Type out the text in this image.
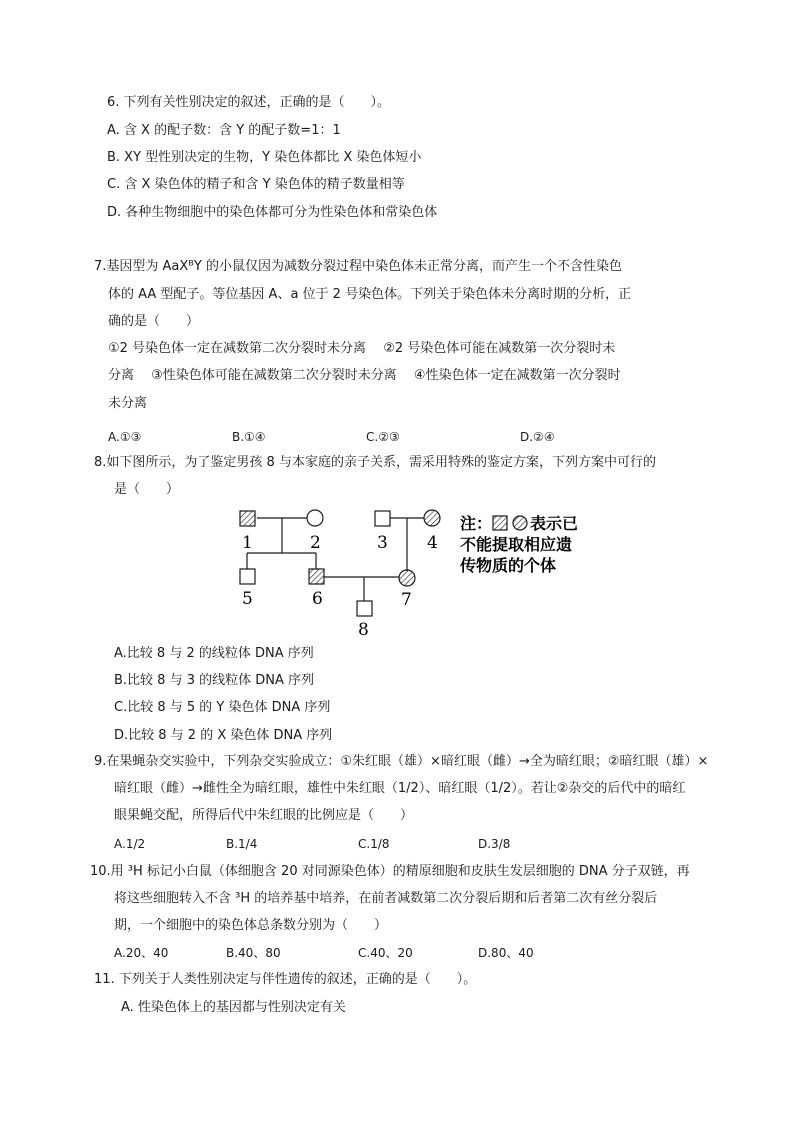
6. 下列有关性别决定的叙述，正确的是（　　）。
A. 含 X 的配子数：含 Y 的配子数=1：1
B. XY 型性别决定的生物，Y 染色体都比 X 染色体短小
C. 含 X 染色体的精子和含 Y 染色体的精子数量相等
D. 各种生物细胞中的染色体都可分为性染色体和常染色体
7.基因型为 AaXᴮY 的小鼠仅因为减数分裂过程中染色体未正常分离，而产生一个不含性染色
体的 AA 型配子。等位基因 A、a 位于 2 号染色体。下列关于染色体未分离时期的分析，正
确的是（　　）
①2 号染色体一定在减数第二次分裂时未分离　 ②2 号染色体可能在减数第一次分裂时未
分离　 ③性染色体可能在减数第二次分裂时未分离　 ④性染色体一定在减数第一次分裂时
未分离
A.①③	B.①④	C.②③	D.②④
8.如下图所示，为了鉴定男孩 8 与本家庭的亲子关系，需采用特殊的鉴定方案，下列方案中可行的
是（　　）
1	2	3 4
5	6	7
8
注： 表示已
不能提取相应遗
传物质的个体
A.比较 8 与 2 的线粒体 DNA 序列
B.比较 8 与 3 的线粒体 DNA 序列
C.比较 8 与 5 的 Y 染色体 DNA 序列
D.比较 8 与 2 的 X 染色体 DNA 序列
9.在果蝇杂交实验中，下列杂交实验成立：①朱红眼（雄）×暗红眼（雌）→全为暗红眼；②暗红眼（雄）×
暗红眼（雌）→雌性全为暗红眼，雄性中朱红眼（1/2）、暗红眼（1/2）。若让②杂交的后代中的暗红
眼果蝇交配，所得后代中朱红眼的比例应是（　　）
A.1/2	B.1/4	C.1/8	D.3/8
10.用 ³H 标记小白鼠（体细胞含 20 对同源染色体）的精原细胞和皮肤生发层细胞的 DNA 分子双链，再
将这些细胞转入不含 ³H 的培养基中培养，在前者减数第二次分裂后期和后者第二次有丝分裂后
期，一个细胞中的染色体总条数分别为（　　）
A.20、40	B.40、80	C.40、20	D.80、40
11. 下列关于人类性别决定与伴性遗传的叙述，正确的是（　　）。
A. 性染色体上的基因都与性别决定有关
